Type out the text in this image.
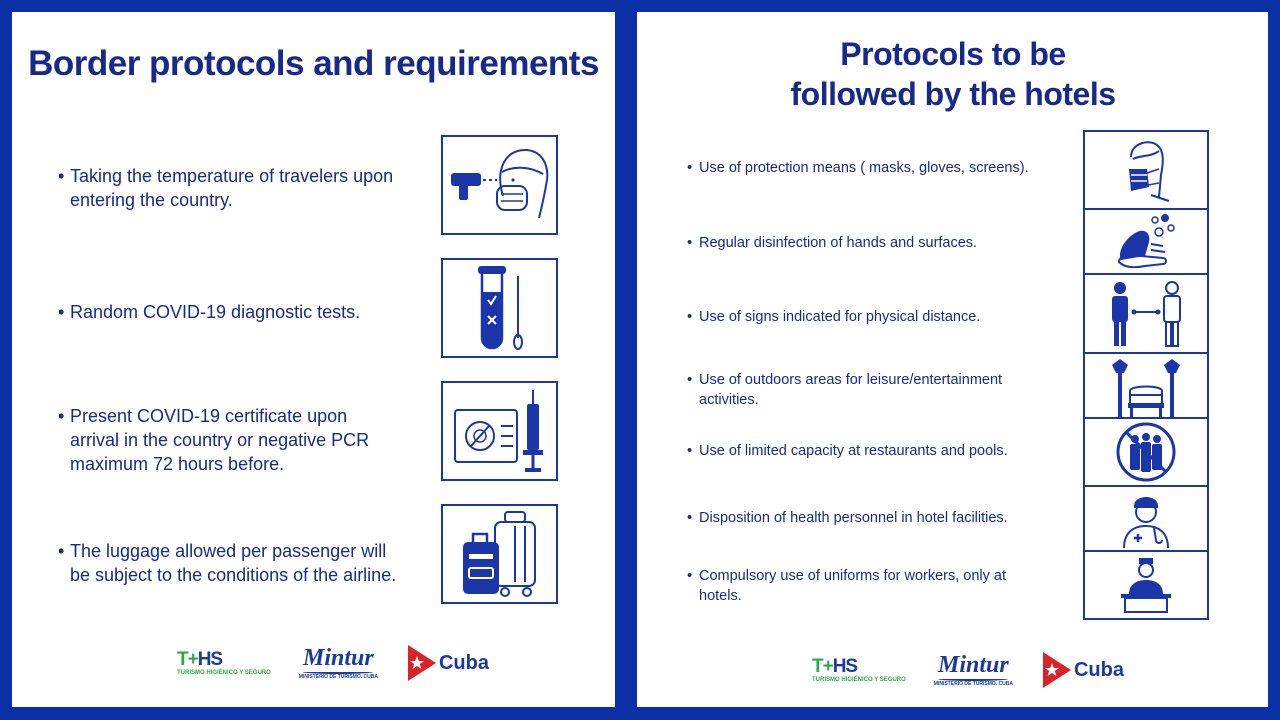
Border protocols and requirements
• Taking the temperature of travelers upon entering the country.
• Random COVID-19 diagnostic tests.
• Present COVID-19 certificate upon arrival in the country or negative PCR maximum 72 hours before.
• The luggage allowed per passenger will be subject to the conditions of the airline.
T+HS
TURISMO HIGIÉNICO Y SEGURO
Mintur
MINISTERIO DE TURISMO. CUBA
Cuba
Protocols to be followed by the hotels
• Use of protection means ( masks, gloves, screens).
• Regular disinfection of hands and surfaces.
• Use of signs indicated for physical distance.
• Use of outdoors areas for leisure/entertainment activities.
• Use of limited capacity at restaurants and pools.
• Disposition of health personnel in hotel facilities.
• Compulsory use of uniforms for workers, only at hotels.
T+HS
TURISMO HIGIÉNICO Y SEGURO
Mintur
MINISTERIO DE TURISMO. CUBA
Cuba
